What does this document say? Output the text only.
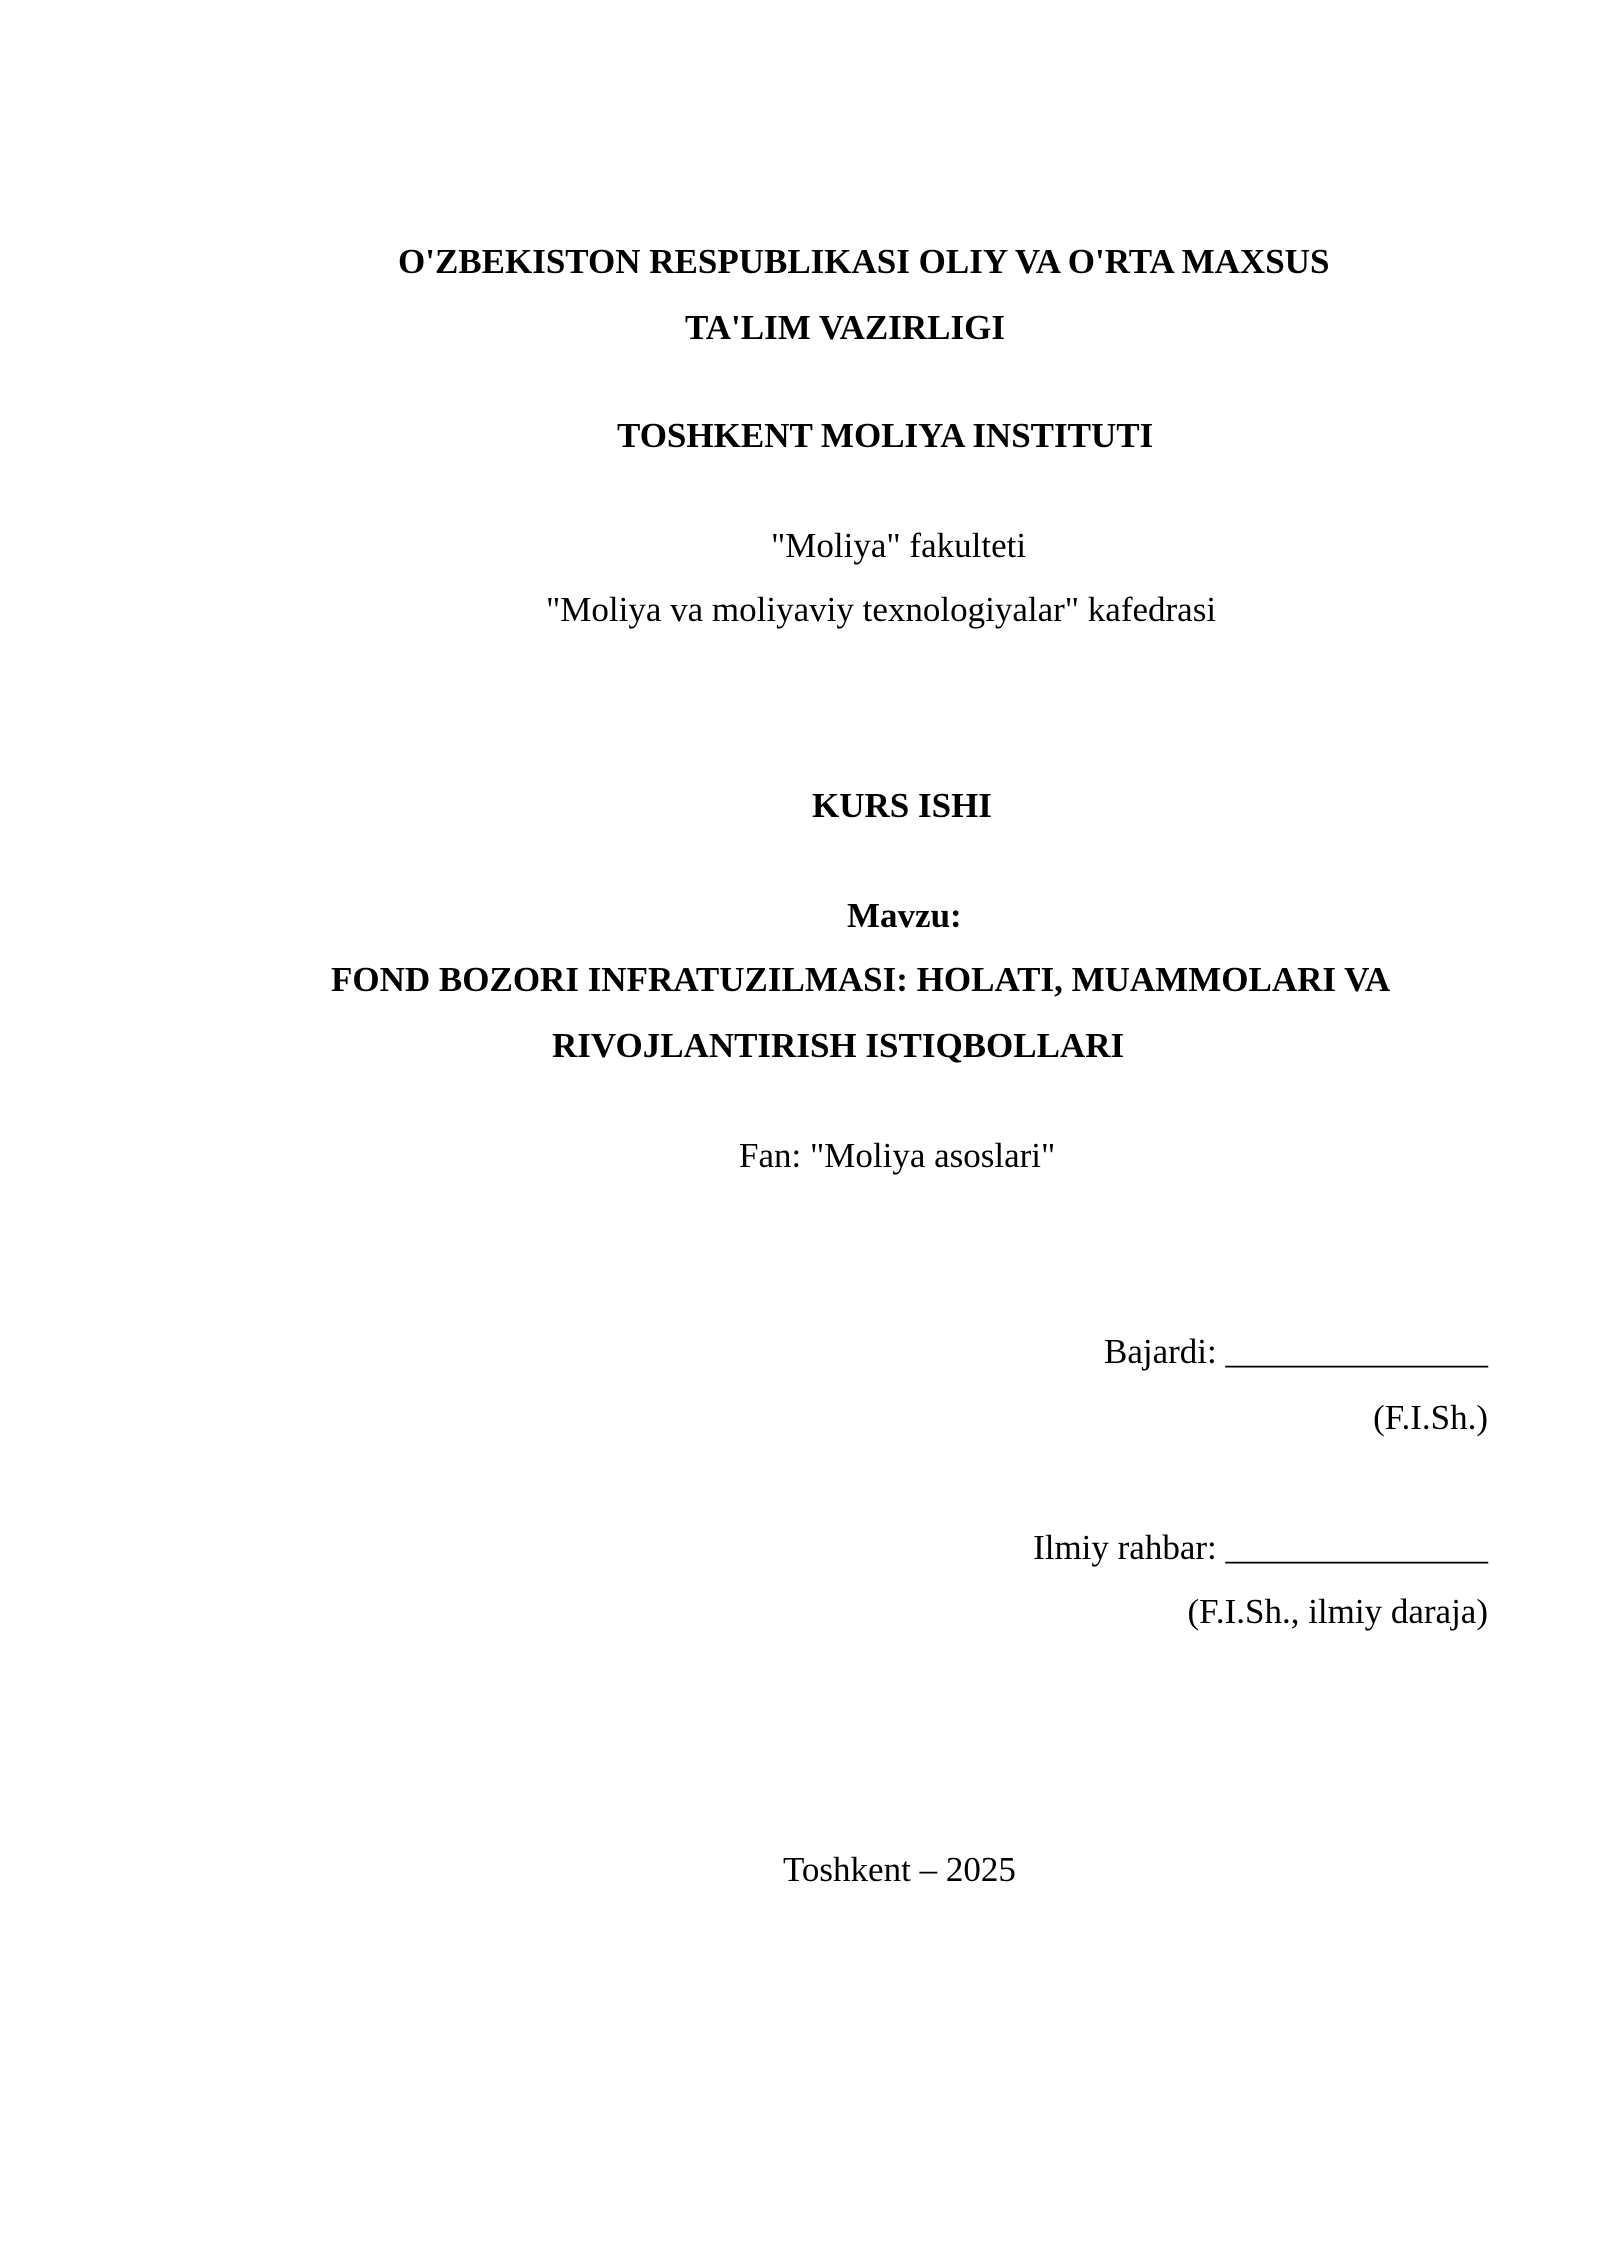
O'ZBEKISTON RESPUBLIKASI OLIY VA O'RTA MAXSUS
TA'LIM VAZIRLIGI
TOSHKENT MOLIYA INSTITUTI
"Moliya" fakulteti
"Moliya va moliyaviy texnologiyalar" kafedrasi
KURS ISHI
Mavzu:
FOND BOZORI INFRATUZILMASI: HOLATI, MUAMMOLARI VA
RIVOJLANTIRISH ISTIQBOLLARI
Fan: "Moliya asoslari"
Bajardi: _______________
(F.I.Sh.)
Ilmiy rahbar: _______________
(F.I.Sh., ilmiy daraja)
Toshkent – 2025
